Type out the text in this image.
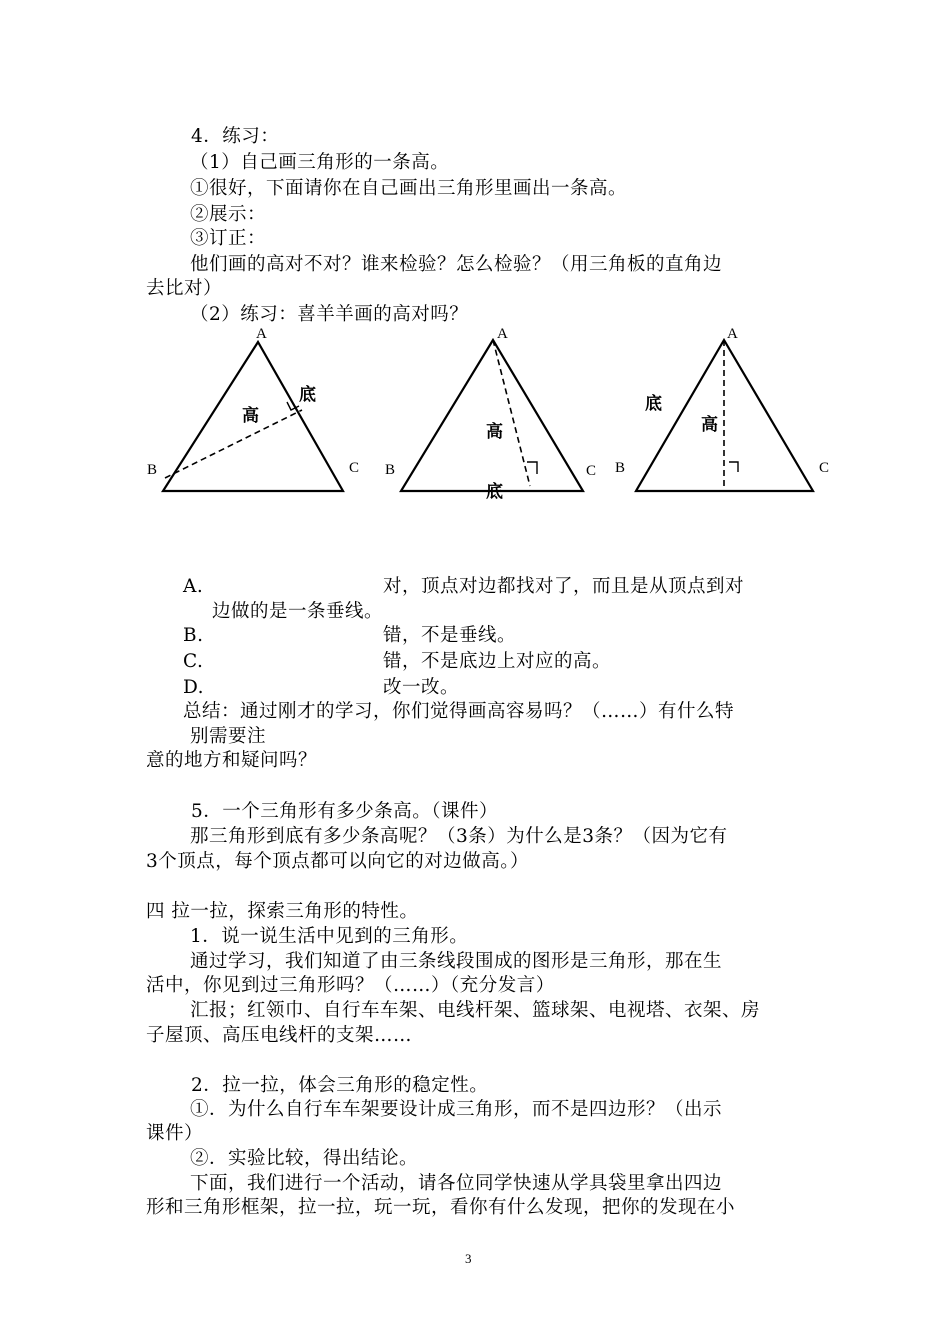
4．练习：
（1）自己画三角形的一条高。
①很好，下面请你在自己画出三角形里画出一条高。
②展示：
③订正：
他们画的高对不对？谁来检验？怎么检验？（用三角板的直角边
去比对）
（2）练习：喜羊羊画的高对吗？
A
B	C
高
底
A
B	C
高
底
A
B	C
高
底
A.	对，顶点对边都找对了，而且是从顶点到对
边做的是一条垂线。
B.	错，不是垂线。
C.	错，不是底边上对应的高。
D.	改一改。
总结：通过刚才的学习，你们觉得画高容易吗？（……）有什么特
别需要注
意的地方和疑问吗？
5．一个三角形有多少条高。（课件）
那三角形到底有多少条高呢？（3条）为什么是3条？（因为它有
3个顶点，每个顶点都可以向它的对边做高。）
四 拉一拉，探索三角形的特性。
1．说一说生活中见到的三角形。
通过学习，我们知道了由三条线段围成的图形是三角形，那在生
活中，你见到过三角形吗？（……）（充分发言）
汇报；红领巾、自行车车架、电线杆架、篮球架、电视塔、衣架、房
子屋顶、高压电线杆的支架……
2．拉一拉，体会三角形的稳定性。
①．为什么自行车车架要设计成三角形，而不是四边形？（出示
课件）
②．实验比较，得出结论。
下面，我们进行一个活动，请各位同学快速从学具袋里拿出四边
形和三角形框架，拉一拉，玩一玩，看你有什么发现，把你的发现在小
3
